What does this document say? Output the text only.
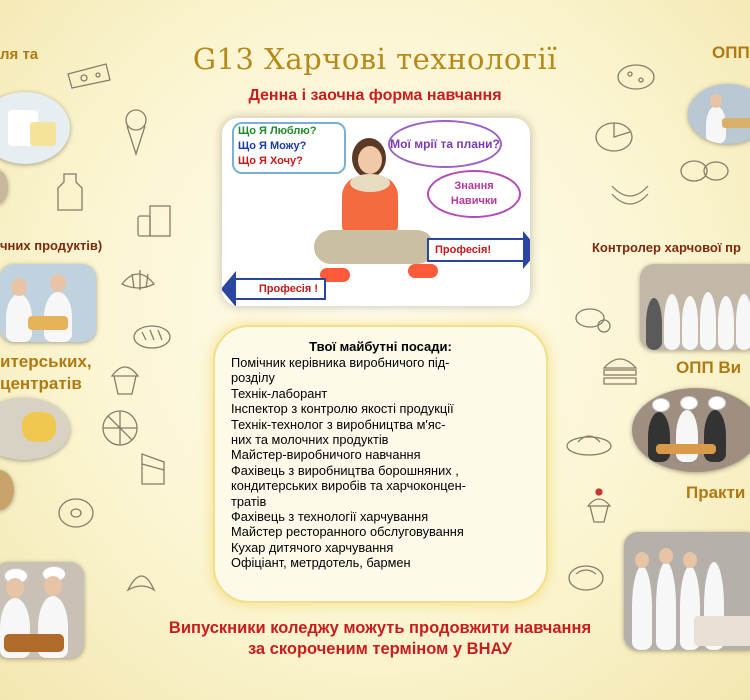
G13 Харчові технології
Денна і заочна форма навчання
ля та
чних продуктів)
итерських,
центратів
ОПП
Контролер харчової пр
ОПП Ви
Практи
Що Я Люблю?
Що Я Можу?
Що Я Хочу?
Мої мрії та плани?
Знання
Навички
Професія!
Професія !
Твої майбутні посади:
Помічник керівника виробничого під-
розділу
Технік-лаборант
Інспектор з контролю якості продукції
Технік-технолог з виробництва м'яс-
них та молочних продуктів
Майстер-виробничого навчання
Фахівець з виробництва борошняних ,
кондитерських виробів та харчоконцен-
тратів
Фахівець з технології харчування
Майстер ресторанного обслуговування
Кухар дитячого харчування
Офіціант, метрдотель, бармен
Випускники коледжу можуть продовжити навчання
за скороченим терміном у ВНАУ
